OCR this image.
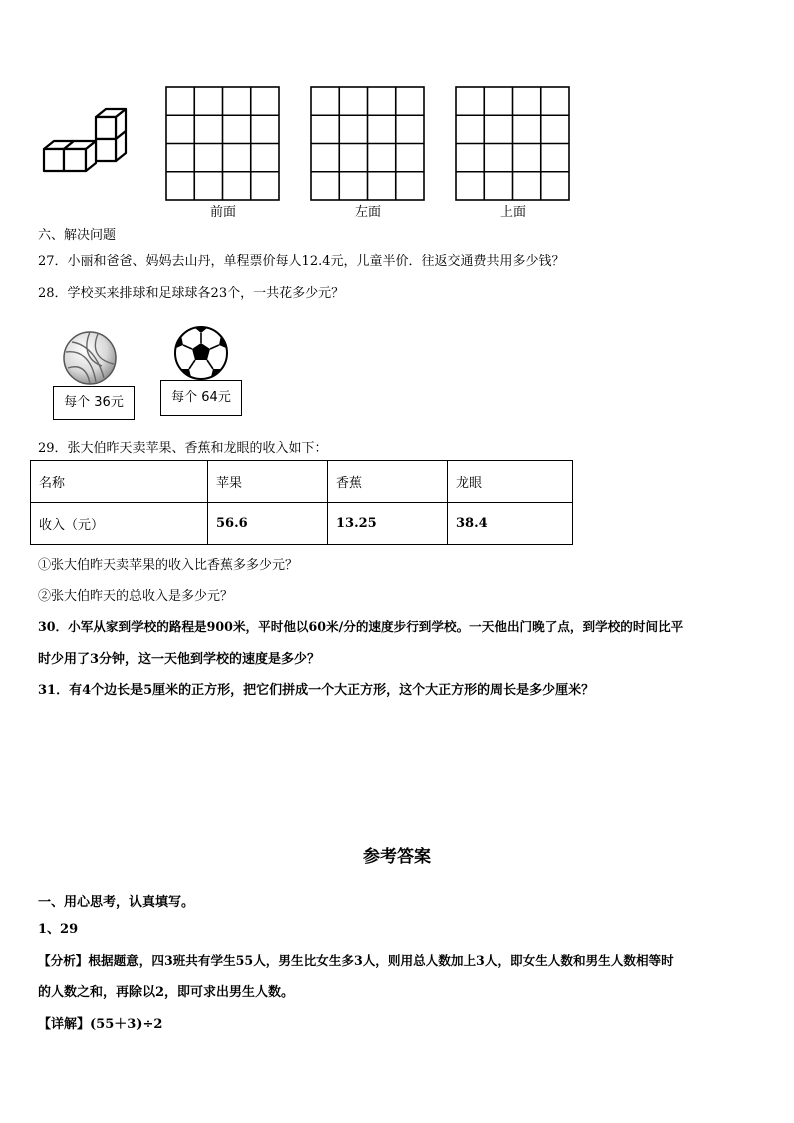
前面	左面	上面
六、解决问题
27．小丽和爸爸、妈妈去山丹，单程票价每人12.4元，儿童半价．往返交通费共用多少钱？
28．学校买来排球和足球球各23个，一共花多少元？
每个 36元	每个 64元
29．张大伯昨天卖苹果、香蕉和龙眼的收入如下：
名称	苹果	香蕉	龙眼
收入（元）	56.6	13.25	38.4
①张大伯昨天卖苹果的收入比香蕉多多少元？
②张大伯昨天的总收入是多少元？
30．小军从家到学校的路程是900米，平时他以60米/分的速度步行到学校。一天他出门晚了点，到学校的时间比平
时少用了3分钟，这一天他到学校的速度是多少？
31．有4个边长是5厘米的正方形，把它们拼成一个大正方形，这个大正方形的周长是多少厘米？
参考答案
一、用心思考，认真填写。
1、29
【分析】根据题意，四3班共有学生55人，男生比女生多3人，则用总人数加上3人，即女生人数和男生人数相等时
的人数之和，再除以2，即可求出男生人数。
【详解】(55＋3)÷2
